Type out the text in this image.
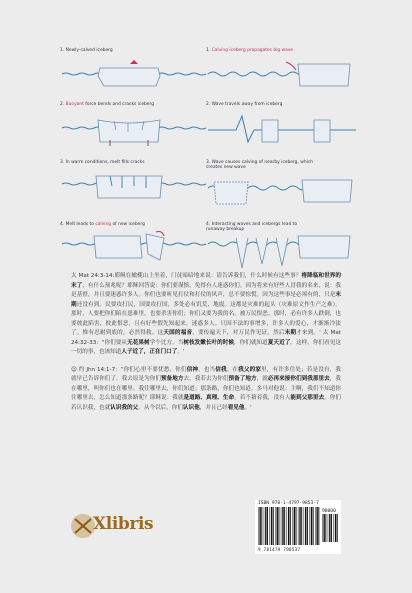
1. Newly-calved iceberg
2. Buoyant force bends and cracks iceberg
3. In warm conditions, melt fills cracks
4. Melt leads to calving of new iceberg
1. Calving iceberg propagates big wave
2. Wave travels away from iceberg
3. Wave causes calving of nearby iceberg, which creates new wave
4. Interacting waves and icebergs lead to runaway breakup

太 Mat 24:3-14:耶稣在橄榄山上坐着，门徒暗暗地来说：请告诉我们，什么时候有这些事？将降临和世界的末了，有什么预兆呢？耶稣回答说：你们要谨慎，免得有人迷惑你们。因为将来有好些人冒我的名来，说：我是基督，并且要迷惑许多人。你们也要听见打仗和打仗的风声，总不要惊慌。因为这些事是必须有的，只是末期还没有到。民要攻打民，国要攻打国，多处必有饥荒、地震。这都是灾难的起头（灾难原文作生产之难）。那时，人要把你们陷在患难里，也要杀害你们；你们又要为我的名，被万民恨恶。那时，必有许多人跌倒，也要彼此陷害，彼此恨恶，且有好些假先知起来，迷惑多人。只因不法的事增多，许多人的爱心，才渐渐冷淡了。惟有忍耐到底的，必然得救。这天国的福音，要传遍天下，对万民作见证，然后末期才来到。' 太 Mat 24:32-33："你们要从无花果树学个比方。当树枝发嫩长叶的时候，你们就知道夏天近了。这样，你们看见这一切的事，也该知道人子近了，正在门口了。'

☺ 约 Jhn 14:1-7："你们心里不要忧愁，你们信神，也当信我。在我父的家里，有许多住处；若是没有，我就早已告诉你们了。我去原是为你们预备地方去。我若去为你们预备了地方，就必再来接你们到我那里去，我在哪里，叫你们也在哪里。我往哪里去，你们知道；那条路，你们也知道。多马对他说：主啊，我们不知道你往哪里去，怎么知道那条路呢？耶稣说：我就是道路、真理、生命。若不藉着我，没有人能到父那里去。你们若认识我，也就认识我的父。从今以后，你们认识他，并且已经看见他。'

Xlibris
ISBN 978-1-4797-9853-7
90000
9 781479 798537
